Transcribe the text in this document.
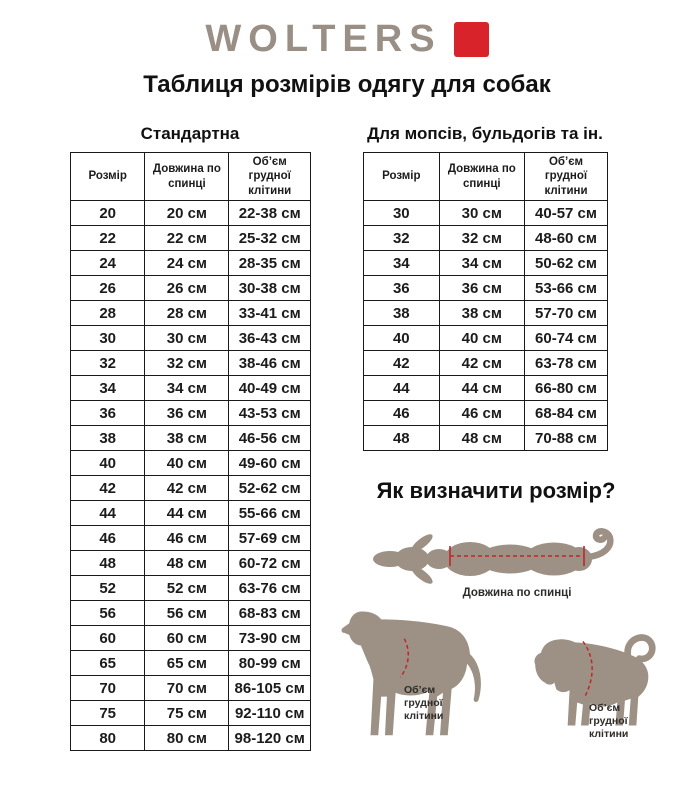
WOLTERS
Таблиця розмірів одягу для собак
Стандартна
Розмір	Довжина по спинці	Об’єм грудної клітини
20	20 см	22-38 см
22	22 см	25-32 см
24	24 см	28-35 см
26	26 см	30-38 см
28	28 см	33-41 см
30	30 см	36-43 см
32	32 см	38-46 см
34	34 см	40-49 см
36	36 см	43-53 см
38	38 см	46-56 см
40	40 см	49-60 см
42	42 см	52-62 см
44	44 см	55-66 см
46	46 см	57-69 см
48	48 см	60-72 см
52	52 см	63-76 см
56	56 см	68-83 см
60	60 см	73-90 см
65	65 см	80-99 см
70	70 см	86-105 см
75	75 см	92-110 см
80	80 см	98-120 см
Для мопсів, бульдогів та ін.
Розмір	Довжина по спинці	Об’єм грудної клітини
30	30 см	40-57 см
32	32 см	48-60 см
34	34 см	50-62 см
36	36 см	53-66 см
38	38 см	57-70 см
40	40 см	60-74 см
42	42 см	63-78 см
44	44 см	66-80 см
46	46 см	68-84 см
48	48 см	70-88 см
Як визначити розмір?
Довжина по спинці
Об’єм
грудної
клітини
Об’єм
грудної
клітини
